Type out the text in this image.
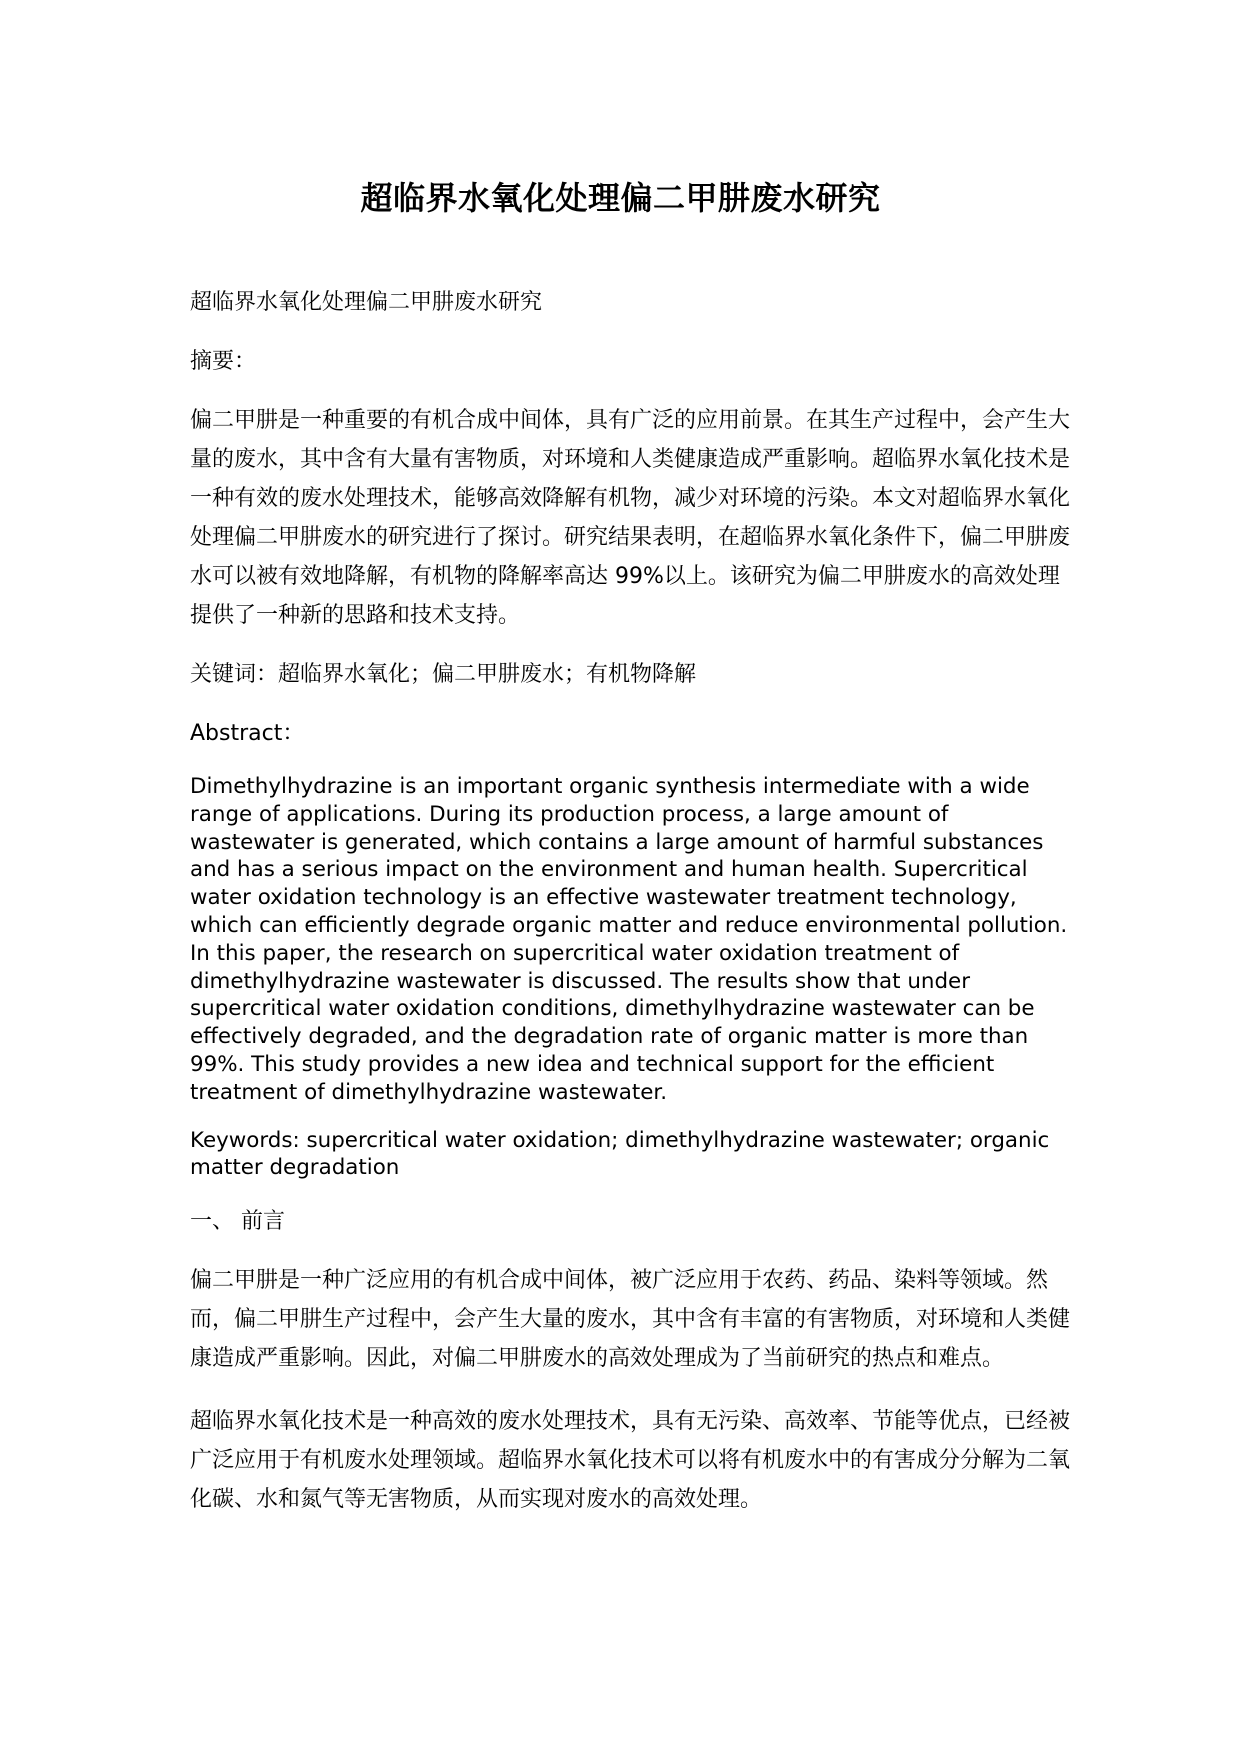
超临界水氧化处理偏二甲肼废水研究

超临界水氧化处理偏二甲肼废水研究

摘要：

偏二甲肼是一种重要的有机合成中间体，具有广泛的应用前景。在其生产过程中，会产生大量的废水，其中含有大量有害物质，对环境和人类健康造成严重影响。超临界水氧化技术是一种有效的废水处理技术，能够高效降解有机物，减少对环境的污染。本文对超临界水氧化处理偏二甲肼废水的研究进行了探讨。研究结果表明，在超临界水氧化条件下，偏二甲肼废水可以被有效地降解，有机物的降解率高达 99%以上。该研究为偏二甲肼废水的高效处理提供了一种新的思路和技术支持。

关键词：超临界水氧化；偏二甲肼废水；有机物降解

Abstract：

Dimethylhydrazine is an important organic synthesis intermediate with a wide range of applications. During its production process, a large amount of wastewater is generated, which contains a large amount of harmful substances and has a serious impact on the environment and human health. Supercritical water oxidation technology is an effective wastewater treatment technology, which can efficiently degrade organic matter and reduce environmental pollution. In this paper, the research on supercritical water oxidation treatment of dimethylhydrazine wastewater is discussed. The results show that under supercritical water oxidation conditions, dimethylhydrazine wastewater can be effectively degraded, and the degradation rate of organic matter is more than 99%. This study provides a new idea and technical support for the efficient treatment of dimethylhydrazine wastewater.

Keywords: supercritical water oxidation; dimethylhydrazine wastewater; organic matter degradation

一、 前言

偏二甲肼是一种广泛应用的有机合成中间体，被广泛应用于农药、药品、染料等领域。然而，偏二甲肼生产过程中，会产生大量的废水，其中含有丰富的有害物质，对环境和人类健康造成严重影响。因此，对偏二甲肼废水的高效处理成为了当前研究的热点和难点。

超临界水氧化技术是一种高效的废水处理技术，具有无污染、高效率、节能等优点，已经被广泛应用于有机废水处理领域。超临界水氧化技术可以将有机废水中的有害成分分解为二氧化碳、水和氮气等无害物质，从而实现对废水的高效处理。
